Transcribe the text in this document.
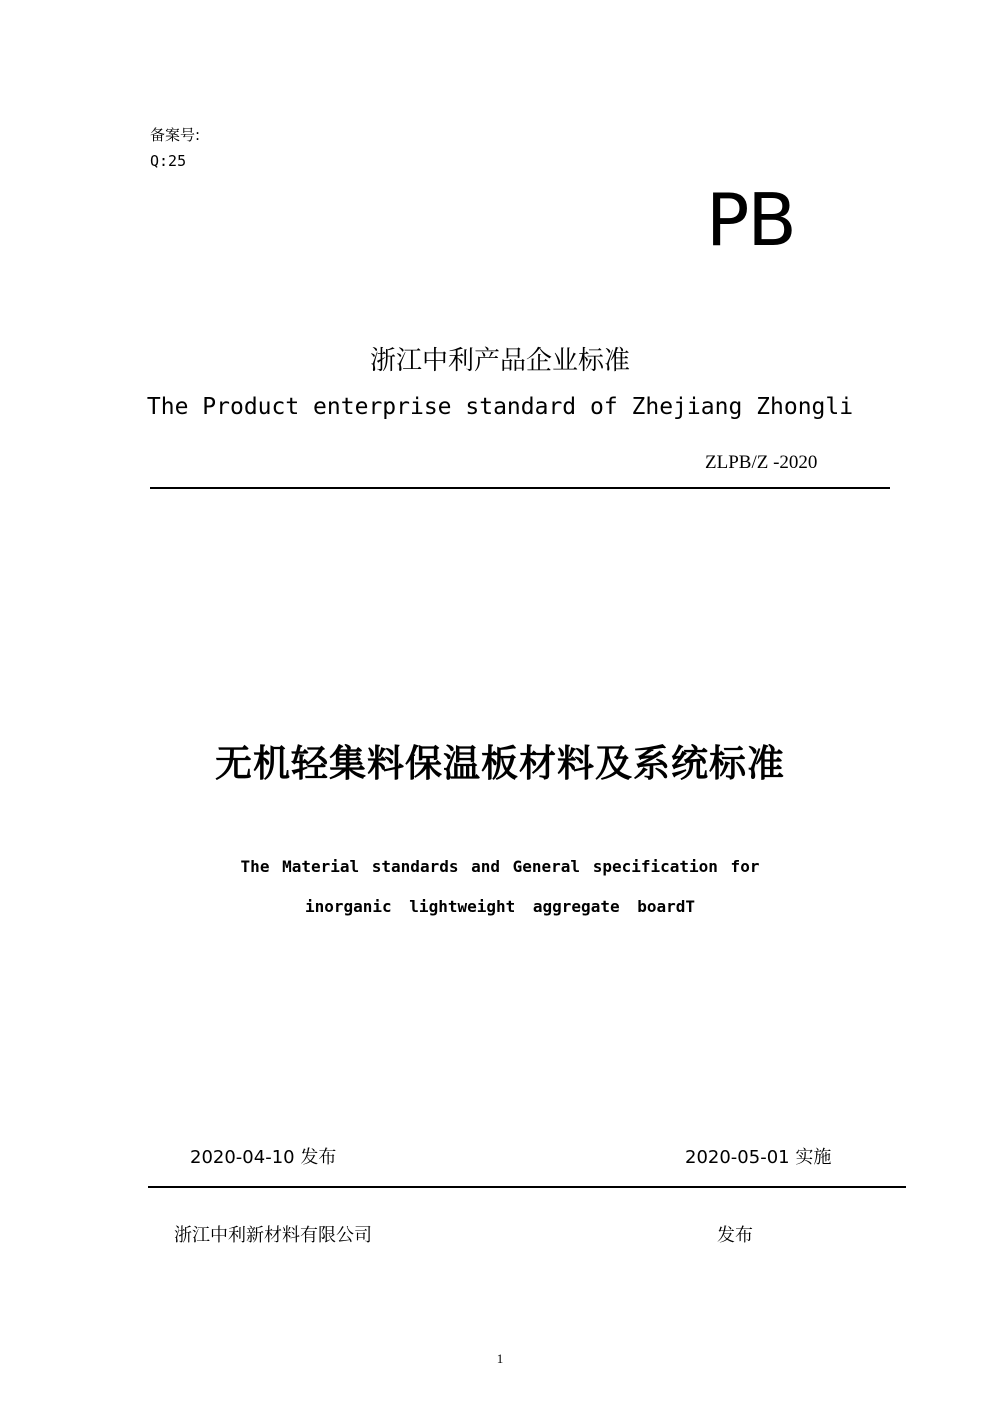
备案号:
Q:25
PB
浙江中利产品企业标准
The Product enterprise standard of Zhejiang Zhongli
ZLPB/Z -2020
无机轻集料保温板材料及系统标准
The Material standards and General specification for
inorganic lightweight aggregate boardT
2020-04-10 发布	2020-05-01 实施
浙江中利新材料有限公司	发布
1
